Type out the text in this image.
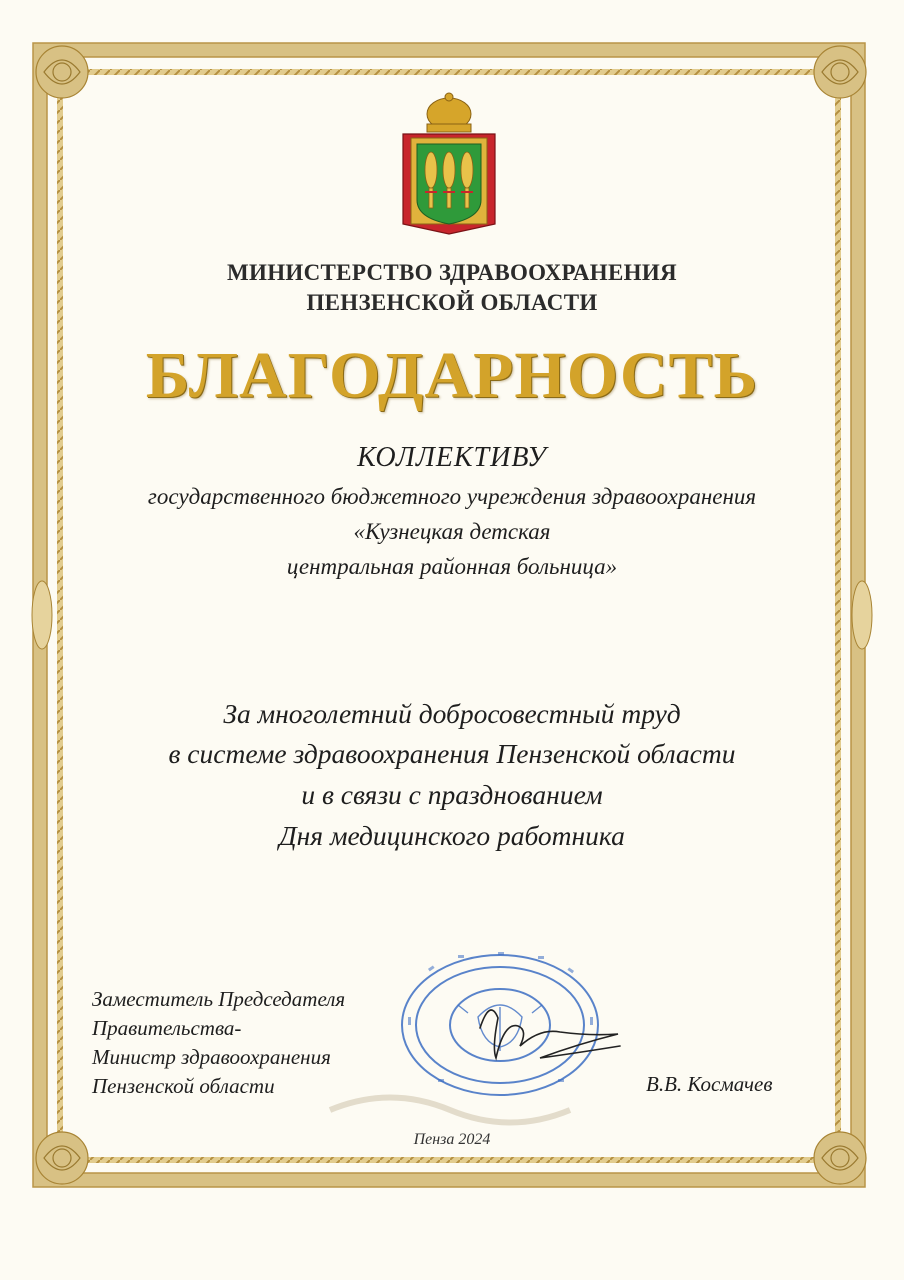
МИНИСТЕРСТВО ЗДРАВООХРАНЕНИЯ
ПЕНЗЕНСКОЙ ОБЛАСТИ
БЛАГОДАРНОСТЬ
КОЛЛЕКТИВУ
государственного бюджетного учреждения здравоохранения
«Кузнецкая детская
центральная районная больница»
За многолетний добросовестный труд
в системе здравоохранения Пензенской области
и в связи с празднованием
Дня медицинского работника
Заместитель Председателя
Правительства-
Министр здравоохранения
Пензенской области	В.В. Космачев
Пенза 2024
